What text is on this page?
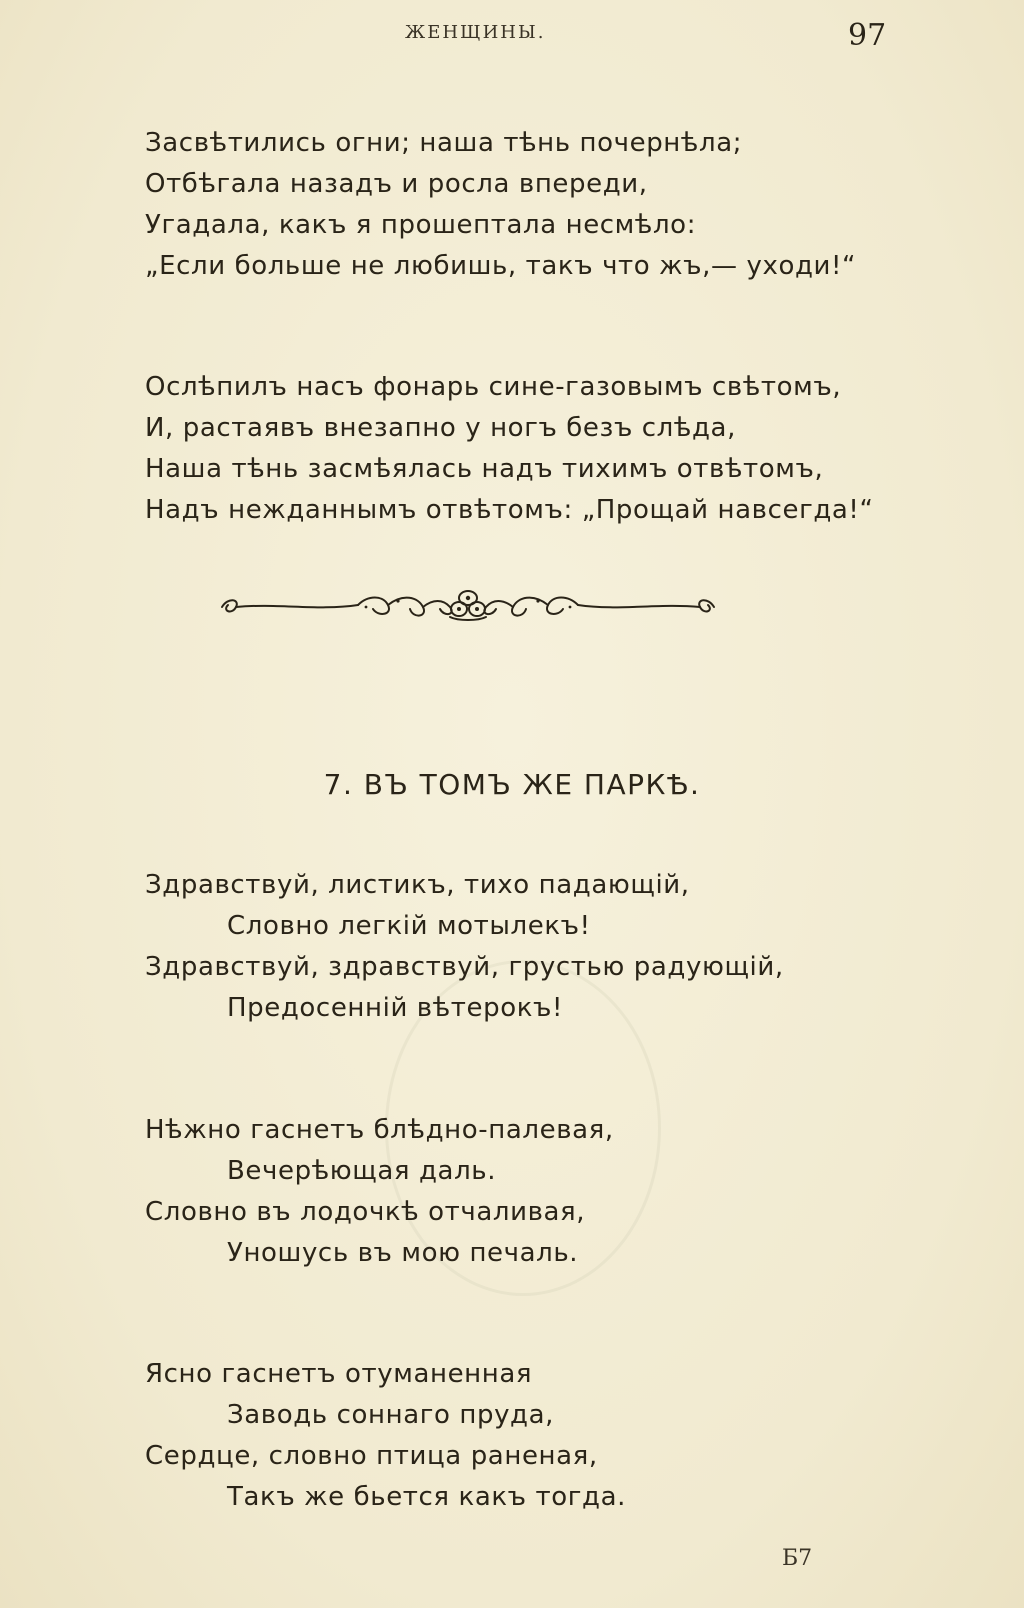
ЖЕНЩИНЫ.	97
Засвѣтились огни; наша тѣнь почернѣла;
Отбѣгала назадъ и росла впереди,
Угадала, какъ я прошептала несмѣло:
„Если больше не любишь, такъ что жъ,— уходи!“
Ослѣпилъ насъ фонарь сине-газовымъ свѣтомъ,
И, растаявъ внезапно у ногъ безъ слѣда,
Наша тѣнь засмѣялась надъ тихимъ отвѣтомъ,
Надъ нежданнымъ отвѣтомъ: „Прощай навсегда!“
7. ВЪ ТОМЪ ЖЕ ПАРКѢ.
Здравствуй, листикъ, тихо падающій,
Словно легкій мотылекъ!
Здравствуй, здравствуй, грустью радующій,
Предосенній вѣтерокъ!
Нѣжно гаснетъ блѣдно-палевая,
Вечерѣющая даль.
Словно въ лодочкѣ отчаливая,
Уношусь въ мою печаль.
Ясно гаснетъ отуманенная
Заводь соннаго пруда,
Сердце, словно птица раненая,
Такъ же бьется какъ тогда.
Б7
